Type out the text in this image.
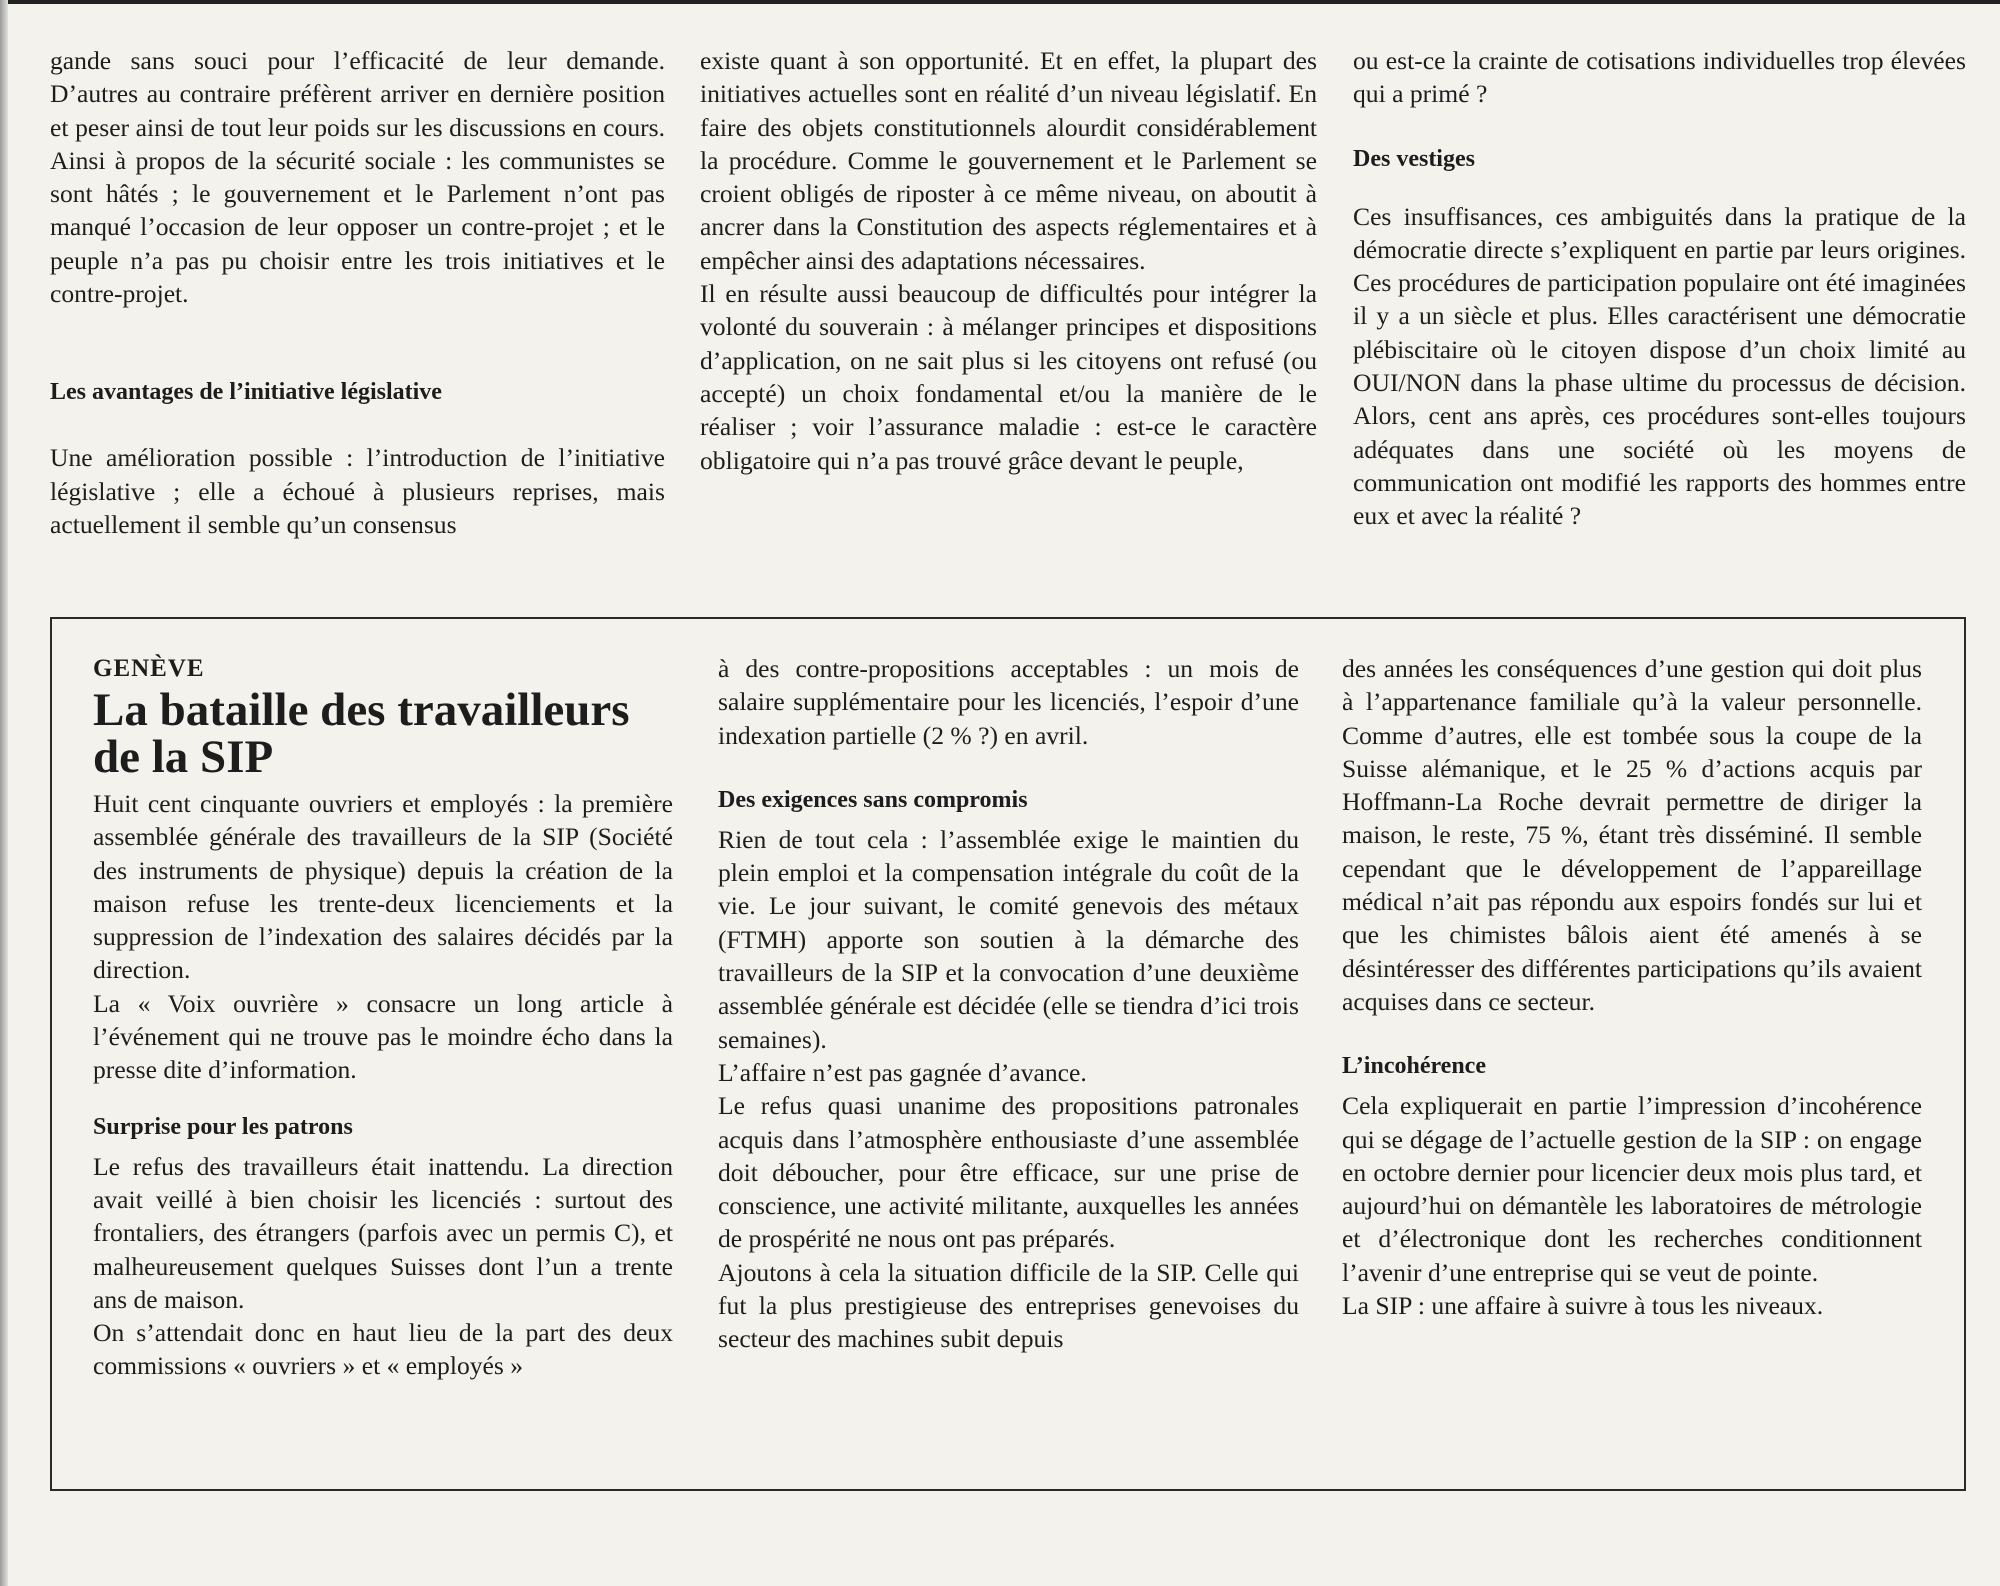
gande sans souci pour l’efficacité de leur demande. D’autres au contraire préfèrent arriver en dernière position et peser ainsi de tout leur poids sur les discussions en cours. Ainsi à propos de la sécurité sociale : les communistes se sont hâtés ; le gouvernement et le Parlement n’ont pas manqué l’occasion de leur opposer un contre-projet ; et le peuple n’a pas pu choisir entre les trois initiatives et le contre-projet.

Les avantages de l’initiative législative

Une amélioration possible : l’introduction de l’initiative législative ; elle a échoué à plusieurs reprises, mais actuellement il semble qu’un consensus

existe quant à son opportunité. Et en effet, la plupart des initiatives actuelles sont en réalité d’un niveau législatif. En faire des objets constitutionnels alourdit considérablement la procédure. Comme le gouvernement et le Parlement se croient obligés de riposter à ce même niveau, on aboutit à ancrer dans la Constitution des aspects réglementaires et à empêcher ainsi des adaptations nécessaires.

Il en résulte aussi beaucoup de difficultés pour intégrer la volonté du souverain : à mélanger principes et dispositions d’application, on ne sait plus si les citoyens ont refusé (ou accepté) un choix fondamental et/ou la manière de le réaliser ; voir l’assurance maladie : est-ce le caractère obligatoire qui n’a pas trouvé grâce devant le peuple,

ou est-ce la crainte de cotisations individuelles trop élevées qui a primé ?

Des vestiges

Ces insuffisances, ces ambiguités dans la pratique de la démocratie directe s’expliquent en partie par leurs origines. Ces procédures de participation populaire ont été imaginées il y a un siècle et plus. Elles caractérisent une démocratie plébiscitaire où le citoyen dispose d’un choix limité au OUI/NON dans la phase ultime du processus de décision. Alors, cent ans après, ces procédures sont-elles toujours adéquates dans une société où les moyens de communication ont modifié les rapports des hommes entre eux et avec la réalité ?

GENÈVE

La bataille des travailleurs de la SIP

Huit cent cinquante ouvriers et employés : la première assemblée générale des travailleurs de la SIP (Société des instruments de physique) depuis la création de la maison refuse les trente-deux licenciements et la suppression de l’indexation des salaires décidés par la direction.

La « Voix ouvrière » consacre un long article à l’événement qui ne trouve pas le moindre écho dans la presse dite d’information.

Surprise pour les patrons

Le refus des travailleurs était inattendu. La direction avait veillé à bien choisir les licenciés : surtout des frontaliers, des étrangers (parfois avec un permis C), et malheureusement quelques Suisses dont l’un a trente ans de maison.

On s’attendait donc en haut lieu de la part des deux commissions « ouvriers » et « employés »

à des contre-propositions acceptables : un mois de salaire supplémentaire pour les licenciés, l’espoir d’une indexation partielle (2 % ?) en avril.

Des exigences sans compromis

Rien de tout cela : l’assemblée exige le maintien du plein emploi et la compensation intégrale du coût de la vie. Le jour suivant, le comité genevois des métaux (FTMH) apporte son soutien à la démarche des travailleurs de la SIP et la convocation d’une deuxième assemblée générale est décidée (elle se tiendra d’ici trois semaines).

L’affaire n’est pas gagnée d’avance.

Le refus quasi unanime des propositions patronales acquis dans l’atmosphère enthousiaste d’une assemblée doit déboucher, pour être efficace, sur une prise de conscience, une activité militante, auxquelles les années de prospérité ne nous ont pas préparés.

Ajoutons à cela la situation difficile de la SIP. Celle qui fut la plus prestigieuse des entreprises genevoises du secteur des machines subit depuis

des années les conséquences d’une gestion qui doit plus à l’appartenance familiale qu’à la valeur personnelle. Comme d’autres, elle est tombée sous la coupe de la Suisse alémanique, et le 25 % d’actions acquis par Hoffmann-La Roche devrait permettre de diriger la maison, le reste, 75 %, étant très disséminé. Il semble cependant que le développement de l’appareillage médical n’ait pas répondu aux espoirs fondés sur lui et que les chimistes bâlois aient été amenés à se désintéresser des différentes participations qu’ils avaient acquises dans ce secteur.

L’incohérence

Cela expliquerait en partie l’impression d’incohérence qui se dégage de l’actuelle gestion de la SIP : on engage en octobre dernier pour licencier deux mois plus tard, et aujourd’hui on démantèle les laboratoires de métrologie et d’électronique dont les recherches conditionnent l’avenir d’une entreprise qui se veut de pointe.

La SIP : une affaire à suivre à tous les niveaux.
